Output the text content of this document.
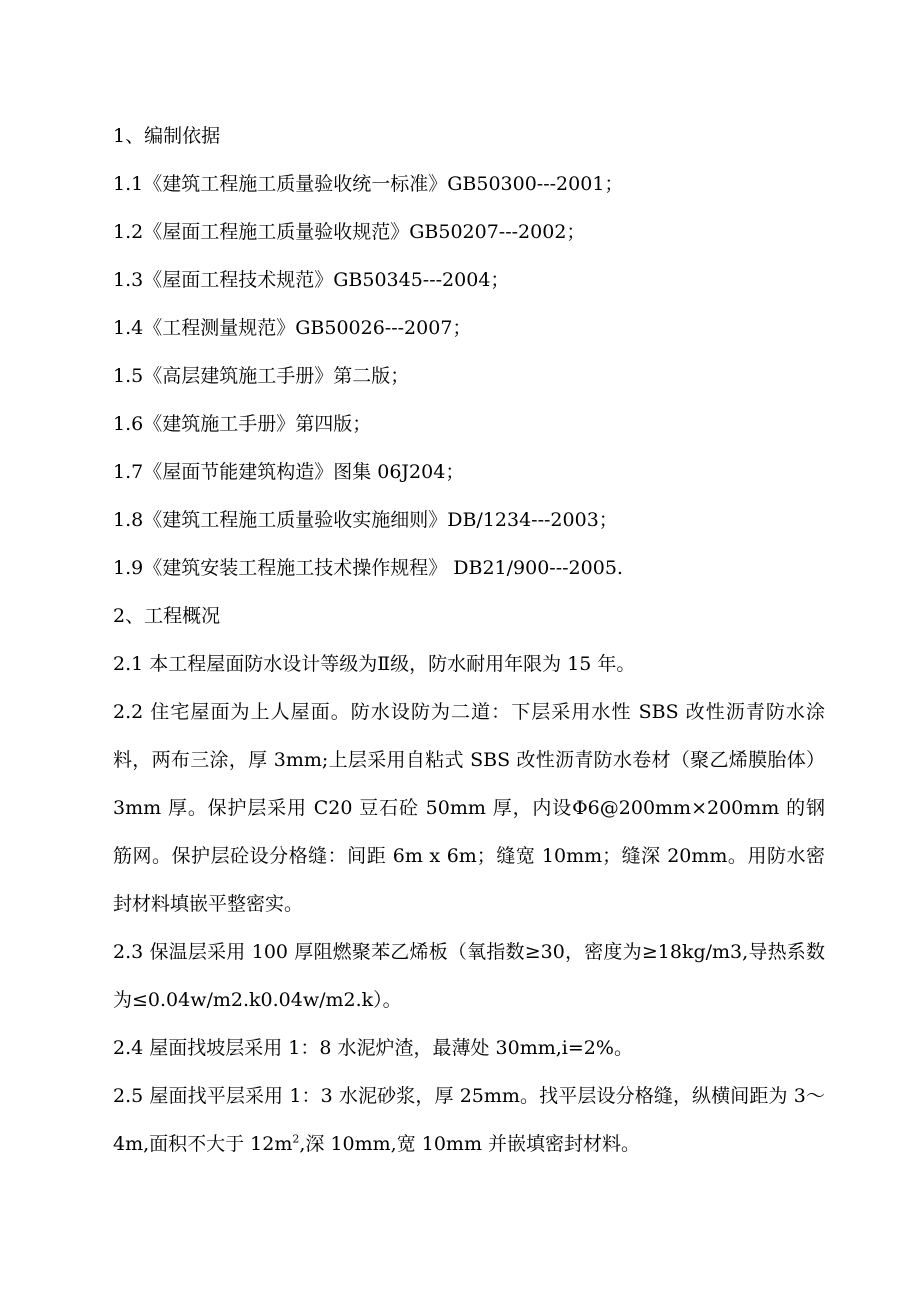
1、编制依据

1.1《建筑工程施工质量验收统一标准》GB50300---2001；

1.2《屋面工程施工质量验收规范》GB50207---2002；

1.3《屋面工程技术规范》GB50345---2004；

1.4《工程测量规范》GB50026---2007；

1.5《高层建筑施工手册》第二版；

1.6《建筑施工手册》第四版；

1.7《屋面节能建筑构造》图集 06J204；

1.8《建筑工程施工质量验收实施细则》DB/1234---2003；

1.9《建筑安装工程施工技术操作规程》 DB21/900---2005.

2、工程概况

2.1 本工程屋面防水设计等级为Ⅱ级，防水耐用年限为 15 年。

2.2 住宅屋面为上人屋面。防水设防为二道：下层采用水性 SBS 改性沥青防水涂料，两布三涂，厚 3mm;上层采用自粘式 SBS 改性沥青防水卷材（聚乙烯膜胎体）3mm 厚。保护层采用 C20 豆石砼 50mm 厚，内设Φ6@200mm×200mm 的钢筋网。保护层砼设分格缝：间距 6m x 6m；缝宽 10mm；缝深 20mm。用防水密封材料填嵌平整密实。

2.3 保温层采用 100 厚阻燃聚苯乙烯板（氧指数≥30，密度为≥18kg/m3,导热系数为≤0.04w/m2.k0.04w/m2.k）。

2.4 屋面找坡层采用 1：8 水泥炉渣，最薄处 30mm,i=2%。

2.5 屋面找平层采用 1：3 水泥砂浆，厚 25mm。找平层设分格缝，纵横间距为 3～4m,面积不大于 $12m^2$,深 10mm,宽 10mm 并嵌填密封材料。
